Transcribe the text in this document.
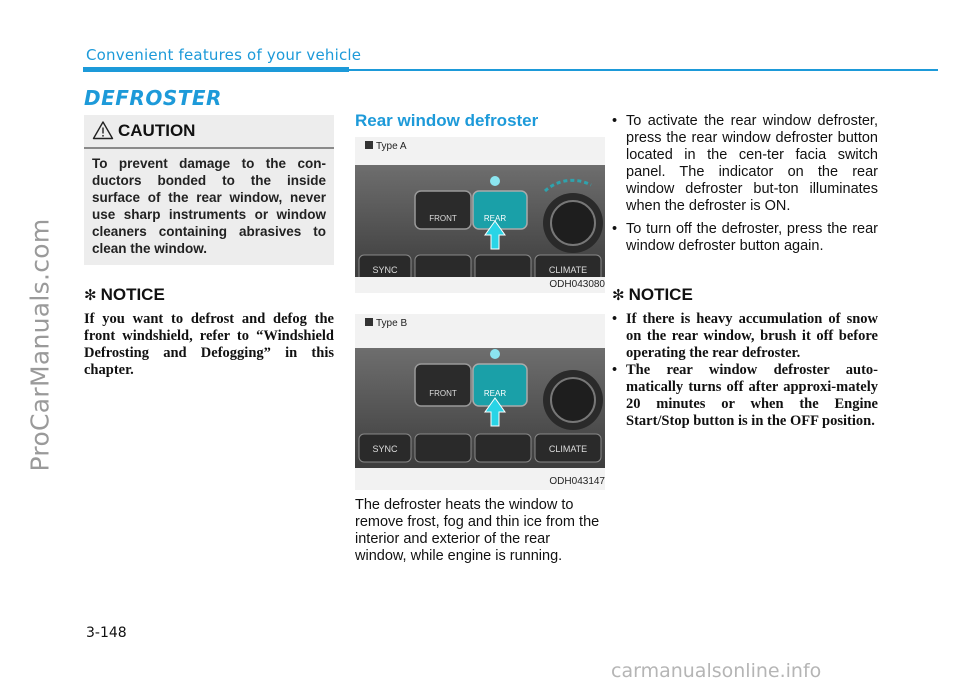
ProCarManuals.com
Convenient features of your vehicle
DEFROSTER
CAUTION
To prevent damage to the con-ductors bonded to the inside surface of the rear window, never use sharp instruments or window cleaners containing abrasives to clean the window.
✻ NOTICE
If you want to defrost and defog the front windshield, refer to “Windshield Defrosting and Defogging” in this chapter.
Rear window defroster
Type A
FRONT	REAR
SYNC	CLIMATE
ODH043080
Type B
FRONT	REAR
SYNC	CLIMATE
ODH043147
The defroster heats the window to remove frost, fog and thin ice from the interior and exterior of the rear window, while engine is running.
• To activate the rear window defroster, press the rear window defroster button located in the cen-ter facia switch panel. The indicator on the rear window defroster but-ton illuminates when the defroster is ON.
• To turn off the defroster, press the rear window defroster button again.
✻ NOTICE
• If there is heavy accumulation of snow on the rear window, brush it off before operating the rear defroster.
• The rear window defroster auto-matically turns off after approxi-mately 20 minutes or when the Engine Start/Stop button is in the OFF position.
3-148
carmanualsonline.info
